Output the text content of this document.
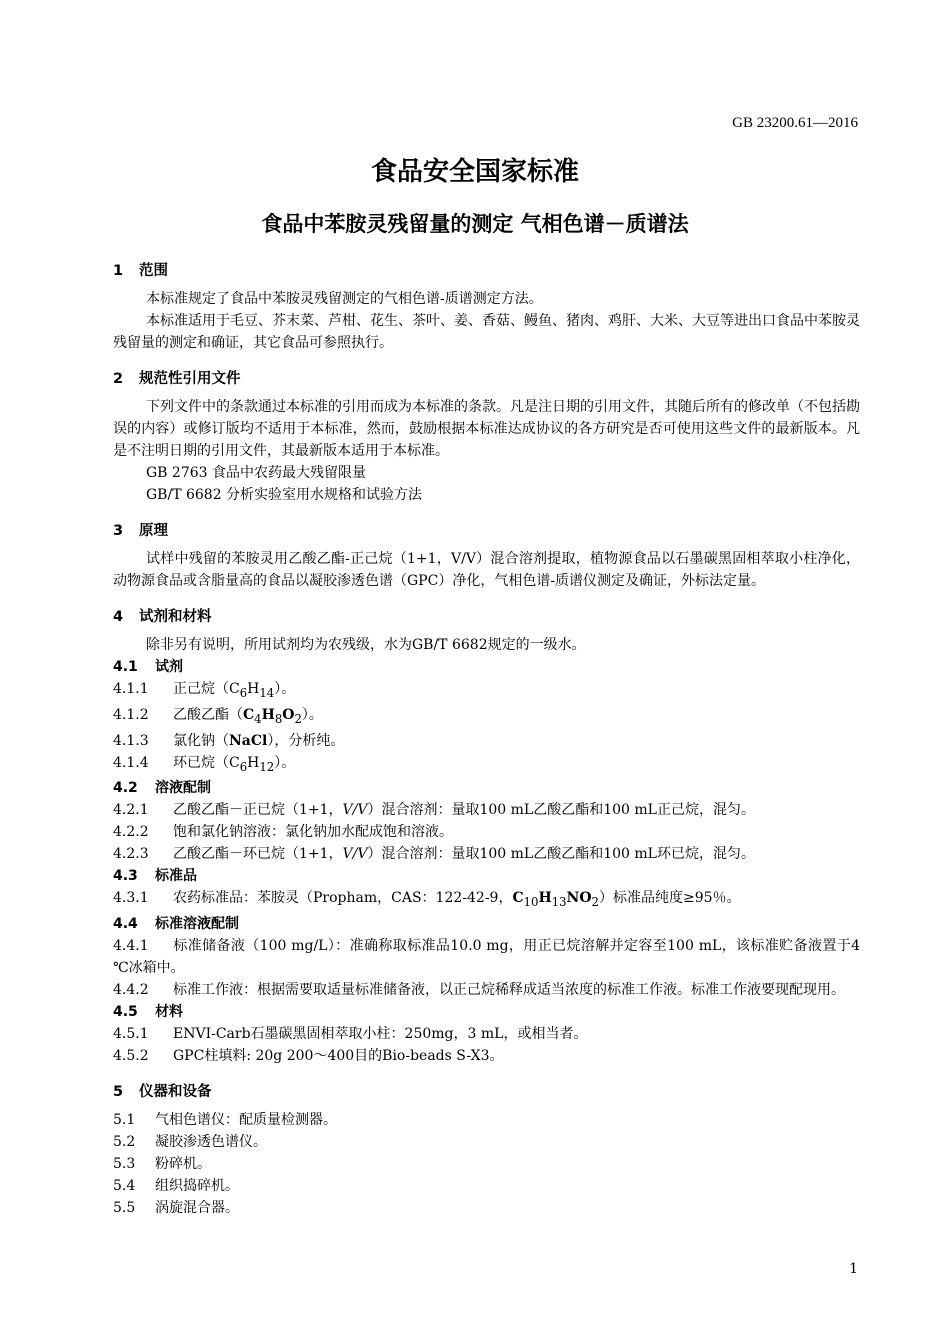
GB 23200.61—2016
食品安全国家标准
食品中苯胺灵残留量的测定 气相色谱－质谱法
1 范围
本标准规定了食品中苯胺灵残留测定的气相色谱-质谱测定方法。
本标准适用于毛豆、芥末菜、芦柑、花生、茶叶、姜、香菇、鳗鱼、猪肉、鸡肝、大米、大豆等进出口食品中苯胺灵残留量的测定和确证，其它食品可参照执行。
2 规范性引用文件
下列文件中的条款通过本标准的引用而成为本标准的条款。凡是注日期的引用文件，其随后所有的修改单（不包括勘误的内容）或修订版均不适用于本标准，然而，鼓励根据本标准达成协议的各方研究是否可使用这些文件的最新版本。凡是不注明日期的引用文件，其最新版本适用于本标准。
GB 2763 食品中农药最大残留限量
GB/T 6682 分析实验室用水规格和试验方法
3 原理
试样中残留的苯胺灵用乙酸乙酯-正己烷（1+1，V/V）混合溶剂提取，植物源食品以石墨碳黑固相萃取小柱净化，动物源食品或含脂量高的食品以凝胶渗透色谱（GPC）净化，气相色谱-质谱仪测定及确证，外标法定量。
4 试剂和材料
除非另有说明，所用试剂均为农残级，水为GB/T 6682规定的一级水。
4.1 试剂
4.1.1 正己烷$(C_6H_{14})$。
4.1.2 乙酸乙酯$(C_4H_8O_2)$。
4.1.3 氯化钠（NaCl），分析纯。
4.1.4 环已烷$(C_6H_{12})$。
4.2 溶液配制
4.2.1 乙酸乙酯－正已烷（1+1，V/V）混合溶剂：量取100 mL乙酸乙酯和100 mL正己烷，混匀。
4.2.2 饱和氯化钠溶液：氯化钠加水配成饱和溶液。
4.2.3 乙酸乙酯－环已烷（1+1，V/V）混合溶剂：量取100 mL乙酸乙酯和100 mL环已烷，混匀。
4.3 标准品
4.3.1 农药标准品：苯胺灵（Propham，CAS：122-42-9，$C_{10}H_{13}NO_2$）标准品纯度≥95％。
4.4 标准溶液配制
4.4.1 标准储备液（100 mg/L）：准确称取标准品10.0 mg，用正已烷溶解并定容至100 mL，该标准贮备液置于4 ℃冰箱中。
4.4.2 标准工作液：根据需要取适量标准储备液，以正己烷稀释成适当浓度的标准工作液。标准工作液要现配现用。
4.5 材料
4.5.1 ENVI-Carb石墨碳黑固相萃取小柱：250mg，3 mL，或相当者。
4.5.2 GPC柱填料: 20g 200～400目的Bio-beads S-X3。
5 仪器和设备
5.1 气相色谱仪：配质量检测器。
5.2 凝胶渗透色谱仪。
5.3 粉碎机。
5.4 组织捣碎机。
5.5 涡旋混合器。
1
